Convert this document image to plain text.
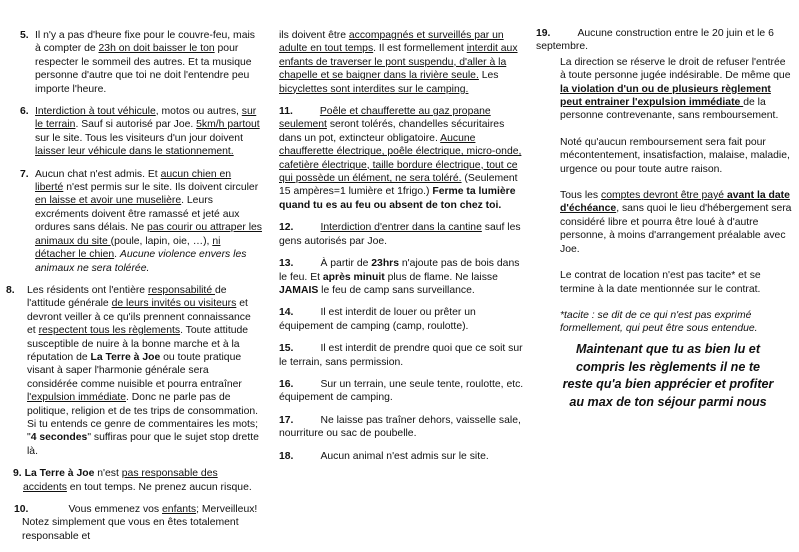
5. Il n'y a pas d'heure fixe pour le couvre-feu, mais à compter de 23h on doit baisser le ton pour respecter le sommeil des autres. Et ta musique personne d'autre que toi ne doit l'entendre peu importe l'heure.
6. Interdiction à tout véhicule, motos ou autres, sur le terrain. Sauf si autorisé par Joe. 5km/h partout sur le site. Tous les visiteurs d'un jour doivent laisser leur véhicule dans le stationnement.
7. Aucun chat n'est admis. Et aucun chien en liberté n'est permis sur le site. Ils doivent circuler en laisse et avoir une muselière. Leurs excréments doivent être ramassé et jeté aux ordures sans délais. Ne pas courir ou attraper les animaux du site (poule, lapin, oie, …), ni détacher le chien. Aucune violence envers les animaux ne sera tolérée.
8. Les résidents ont l'entière responsabilité de l'attitude générale de leurs invités ou visiteurs et devront veiller à ce qu'ils prennent connaissance et respectent tous les règlements. Toute attitude susceptible de nuire à la bonne marche et à la réputation de La Terre à Joe ou toute pratique visant à saper l'harmonie générale sera considérée comme nuisible et pourra entraîner l'expulsion immédiate. Donc ne parle pas de politique, religion et de tes trips de consommation. Si tu entends ce genre de commentaires les mots; "4 secondes" suffiras pour que le sujet stop drette là.
9. La Terre à Joe n'est pas responsable des accidents en tout temps. Ne prenez aucun risque.
10.	Vous emmenez vos enfants; Merveilleux! Notez simplement que vous en êtes totalement responsable et
ils doivent être accompagnés et surveillés par un adulte en tout temps. Il est formellement interdit aux enfants de traverser le pont suspendu, d'aller à la chapelle et se baigner dans la rivière seule. Les bicyclettes sont interdites sur le camping.
11.	Poêle et chaufferette au gaz propane seulement seront tolérés, chandelles sécuritaires dans un pot, extincteur obligatoire. Aucune chaufferette électrique, poêle électrique, micro-onde, cafetière électrique, taille bordure électrique, tout ce qui possède un élément, ne sera toléré. (Seulement 15 ampères=1 lumière et 1frigo.) Ferme ta lumière quand tu es au feu ou absent de ton chez toi.
12.	Interdiction d'entrer dans la cantine sauf les gens autorisés par Joe.
13.	À partir de 23hrs n'ajoute pas de bois dans le feu. Et après minuit plus de flame. Ne laisse JAMAIS le feu de camp sans surveillance.
14.	Il est interdit de louer ou prêter un équipement de camping (camp, roulotte).
15.	Il est interdit de prendre quoi que ce soit sur le terrain, sans permission.
16.	Sur un terrain, une seule tente, roulotte, etc. équipement de camping.
17.	Ne laisse pas traîner dehors, vaisselle sale, nourriture ou sac de poubelle.
18.	Aucun animal n'est admis sur le site.
19.	Aucune construction entre le 20 juin et le 6 septembre.
La direction se réserve le droit de refuser l'entrée à toute personne jugée indésirable. De même que la violation d'un ou de plusieurs règlement peut entrainer l'expulsion immédiate de la personne contrevenante, sans remboursement.
Noté qu'aucun remboursement sera fait pour mécontentement, insatisfaction, malaise, maladie, urgence ou pour toute autre raison.
Tous les comptes devront être payé avant la date d'échéance, sans quoi le lieu d'hébergement sera considéré libre et pourra être loué à d'autre personne, à moins d'arrangement préalable avec Joe.
Le contrat de location n'est pas tacite* et se termine à la date mentionnée sur le contrat.
*tacite : se dit de ce qui n'est pas exprimé formellement, qui peut être sous entendue.
Maintenant que tu as bien lu et compris les règlements il ne te reste qu'a bien apprécier et profiter au max de ton séjour parmi nous
